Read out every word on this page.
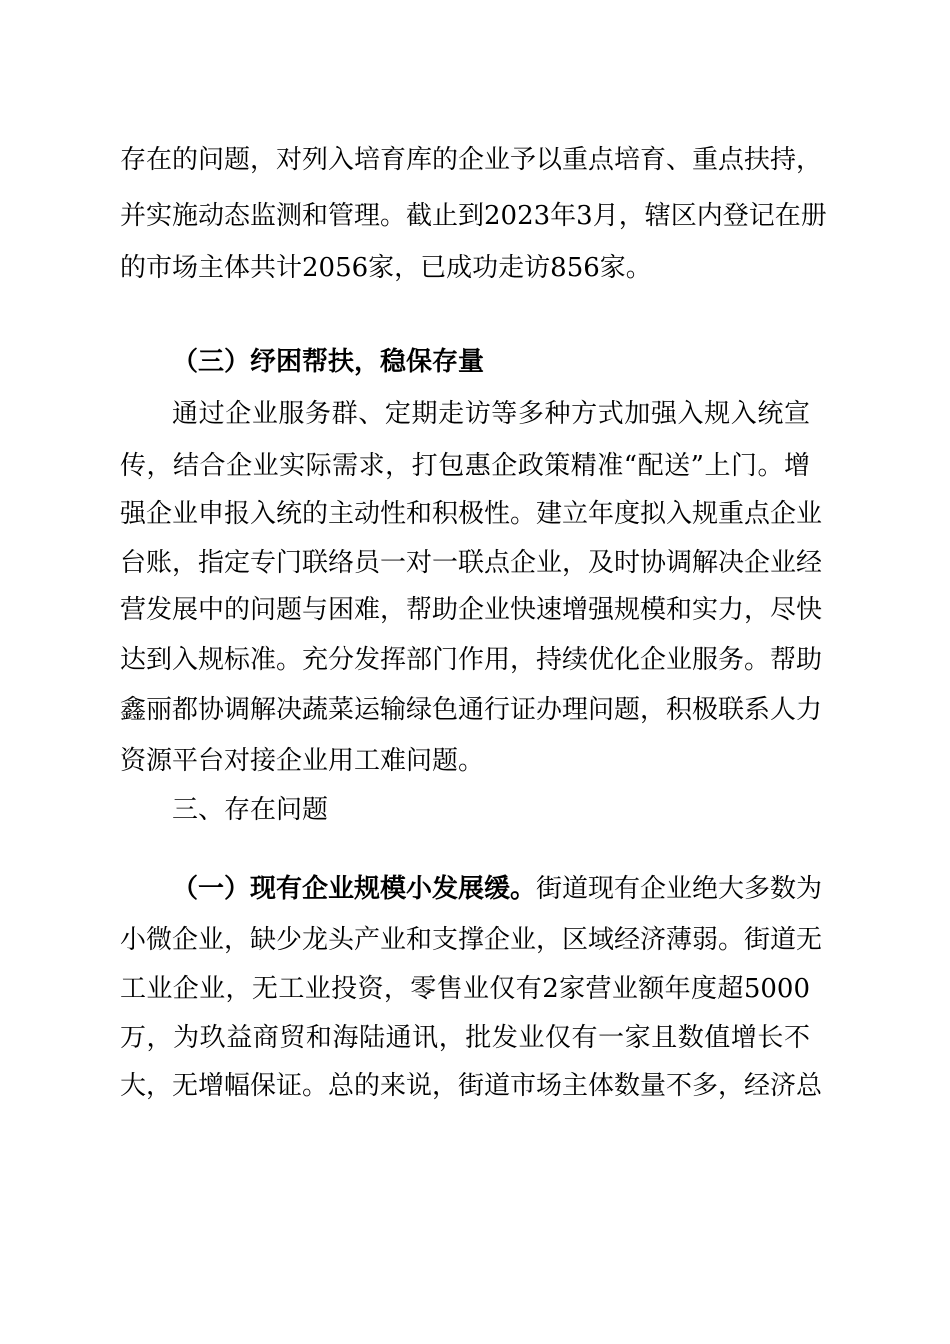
存在的问题，对列入培育库的企业予以重点培育、重点扶持，
并实施动态监测和管理。截止到2023年3月，辖区内登记在册
的市场主体共计2056家，已成功走访856家。
（三）纾困帮扶，稳保存量
通过企业服务群、定期走访等多种方式加强入规入统宣
传，结合企业实际需求，打包惠企政策精准“配送”上门。增
强企业申报入统的主动性和积极性。建立年度拟入规重点企业
台账，指定专门联络员一对一联点企业，及时协调解决企业经
营发展中的问题与困难，帮助企业快速增强规模和实力，尽快
达到入规标准。充分发挥部门作用，持续优化企业服务。帮助
鑫丽都协调解决蔬菜运输绿色通行证办理问题，积极联系人力
资源平台对接企业用工难问题。
三、存在问题
（一）现有企业规模小发展缓。街道现有企业绝大多数为
小微企业，缺少龙头产业和支撑企业，区域经济薄弱。街道无
工业企业，无工业投资，零售业仅有2家营业额年度超5000
万，为玖益商贸和海陆通讯，批发业仅有一家且数值增长不
大，无增幅保证。总的来说，街道市场主体数量不多，经济总
